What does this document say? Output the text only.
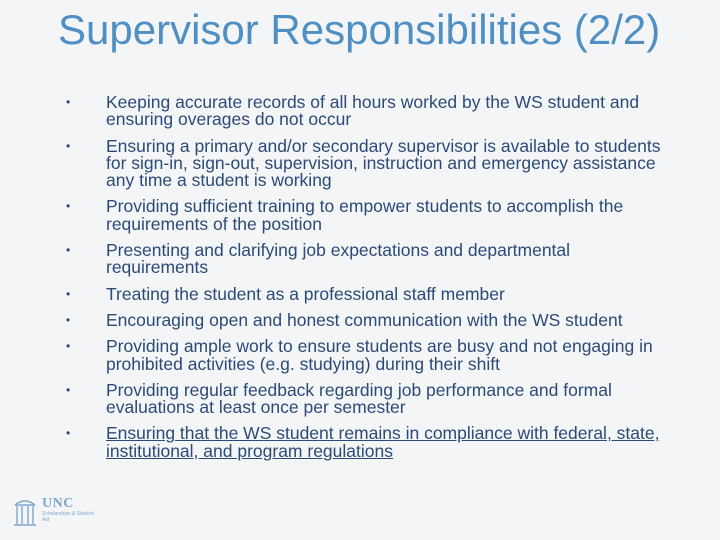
Supervisor Responsibilities (2/2)
• Keeping accurate records of all hours worked by the WS student and ensuring overages do not occur
• Ensuring a primary and/or secondary supervisor is available to students for sign-in, sign-out, supervision, instruction and emergency assistance any time a student is working
• Providing sufficient training to empower students to accomplish the requirements of the position
• Presenting and clarifying job expectations and departmental requirements
• Treating the student as a professional staff member
• Encouraging open and honest communication with the WS student
• Providing ample work to ensure students are busy and not engaging in prohibited activities (e.g. studying) during their shift
• Providing regular feedback regarding job performance and formal evaluations at least once per semester
• Ensuring that the WS student remains in compliance with federal, state, institutional, and program regulations
UNC
Scholarships & Student Aid
